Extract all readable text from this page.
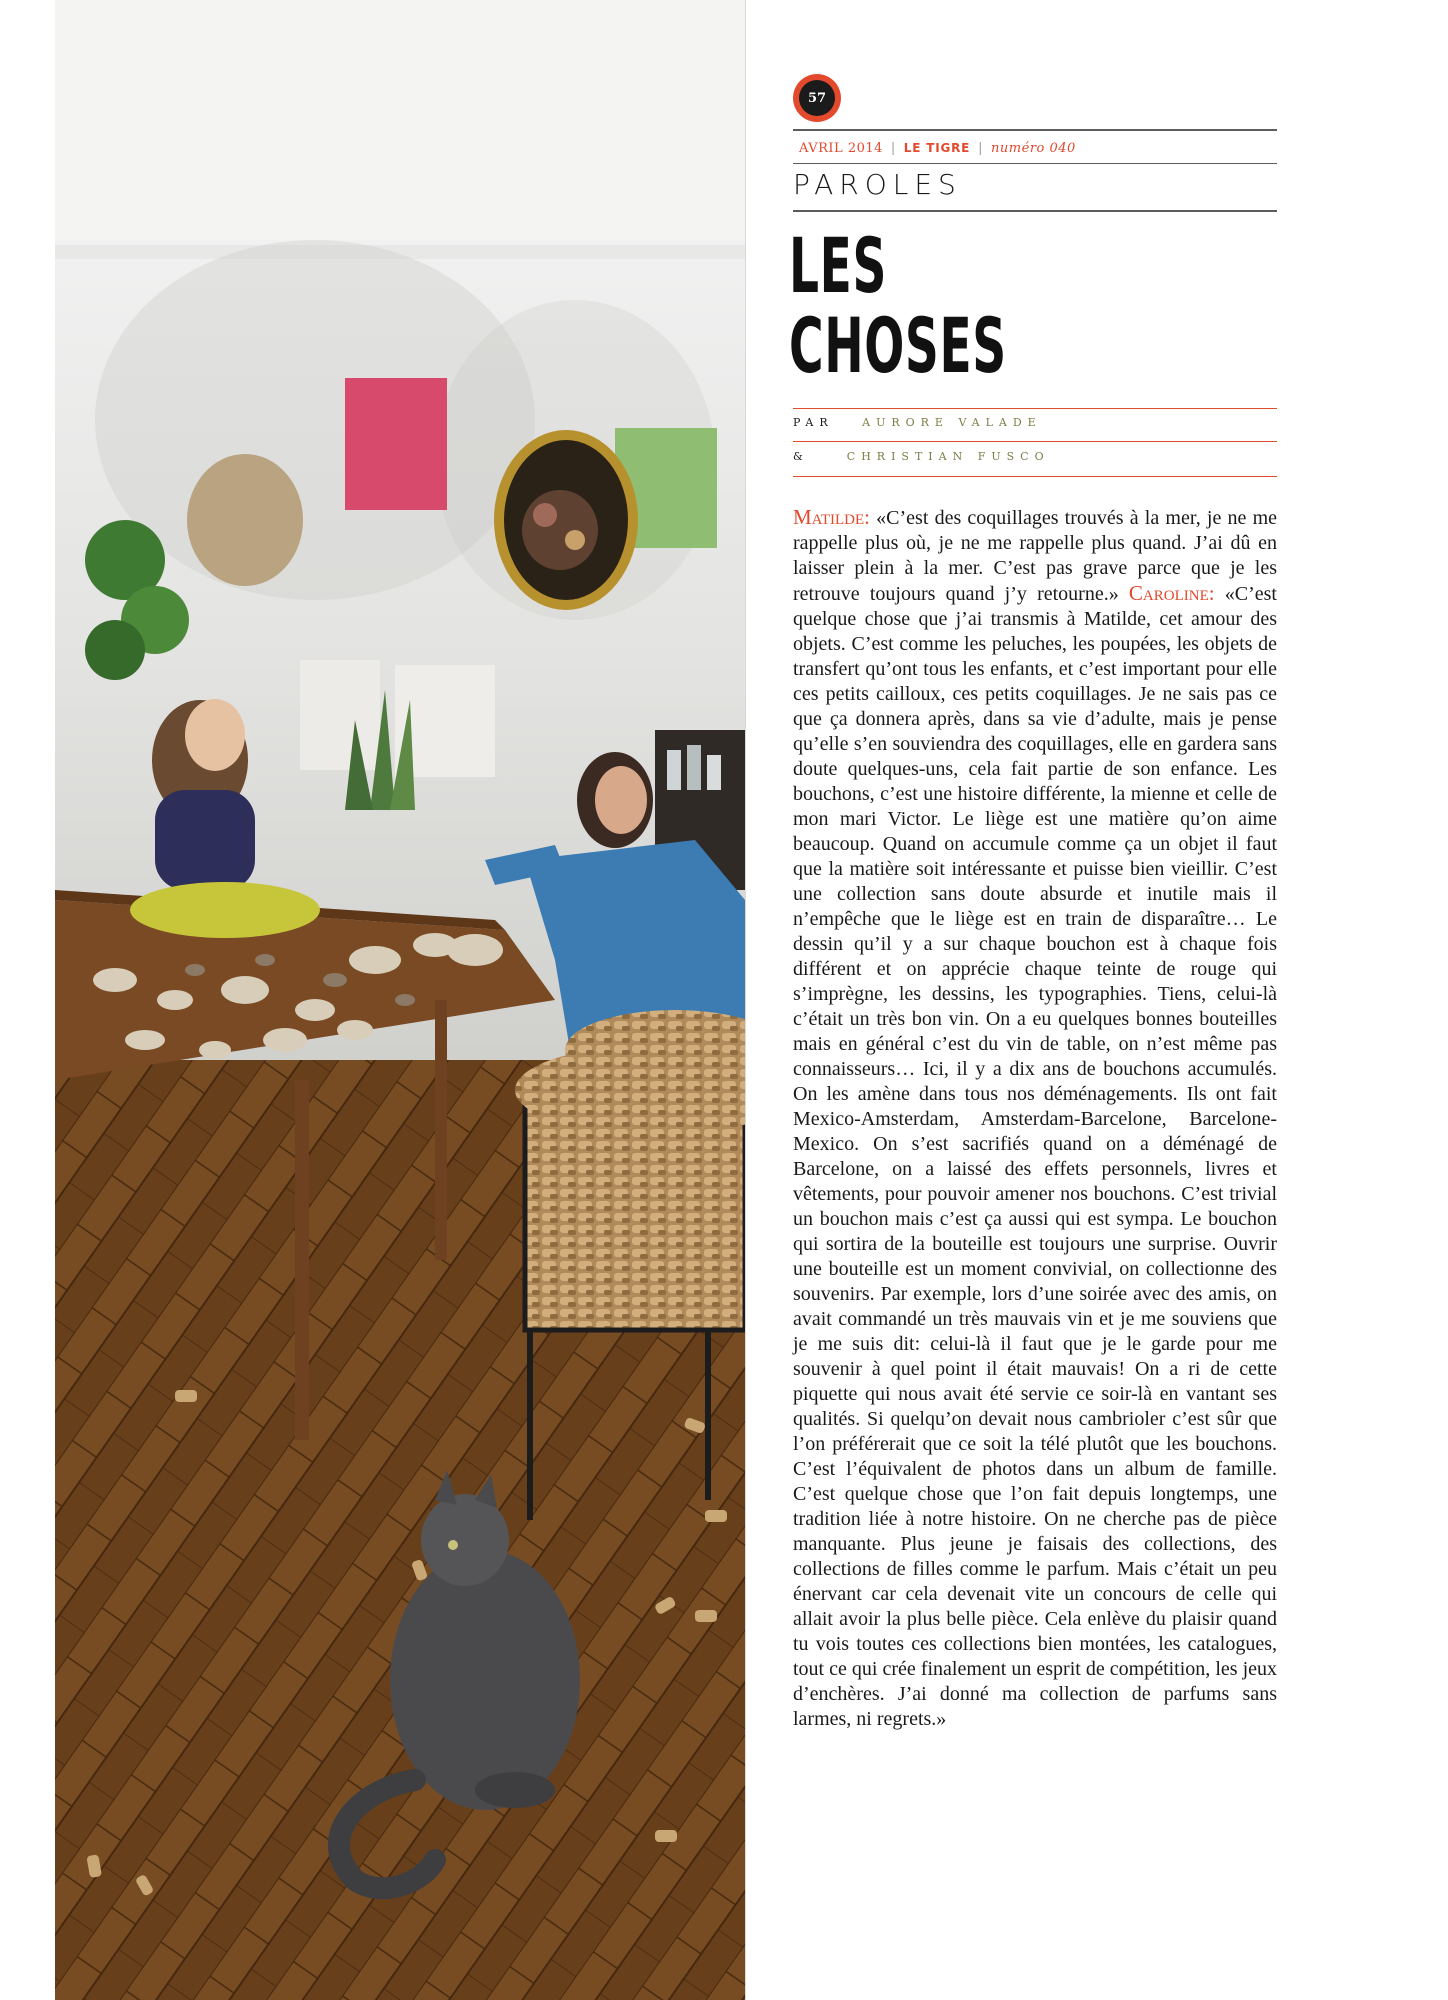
57
AVRIL 2014 | LE TIGRE | numéro 040
PAROLES
LES
CHOSES
PAR	AURORE VALADE
&	CHRISTIAN FUSCO

Matilde: «C’est des coquillages trouvés à la mer, je ne me rappelle plus où, je ne me rappelle plus quand. J’ai dû en laisser plein à la mer. C’est pas grave parce que je les retrouve toujours quand j’y retourne.» Caroline: «C’est quelque chose que j’ai transmis à Matilde, cet amour des objets. C’est comme les peluches, les poupées, les objets de transfert qu’ont tous les enfants, et c’est important pour elle ces petits cailloux, ces petits coquillages. Je ne sais pas ce que ça donnera après, dans sa vie d’adulte, mais je pense qu’elle s’en souviendra des coquillages, elle en gardera sans doute quelques-uns, cela fait partie de son enfance. Les bouchons, c’est une histoire différente, la mienne et celle de mon mari Victor. Le liège est une matière qu’on aime beaucoup. Quand on accumule comme ça un objet il faut que la matière soit intéressante et puisse bien vieillir. C’est une collection sans doute absurde et inutile mais il n’empêche que le liège est en train de disparaître… Le dessin qu’il y a sur chaque bouchon est à chaque fois différent et on apprécie chaque teinte de rouge qui s’imprègne, les dessins, les typographies. Tiens, celui-là c’était un très bon vin. On a eu quelques bonnes bouteilles mais en général c’est du vin de table, on n’est même pas connaisseurs… Ici, il y a dix ans de bouchons accumulés. On les amène dans tous nos déménagements. Ils ont fait Mexico-Amsterdam, Amsterdam-Barcelone, Barcelone-Mexico. On s’est sacrifiés quand on a déménagé de Barcelone, on a laissé des effets personnels, livres et vêtements, pour pouvoir amener nos bouchons. C’est trivial un bouchon mais c’est ça aussi qui est sympa. Le bouchon qui sortira de la bouteille est toujours une surprise. Ouvrir une bouteille est un moment convivial, on collectionne des souvenirs. Par exemple, lors d’une soirée avec des amis, on avait commandé un très mauvais vin et je me souviens que je me suis dit: celui-là il faut que je le garde pour me souvenir à quel point il était mauvais! On a ri de cette piquette qui nous avait été servie ce soir-là en vantant ses qualités. Si quelqu’on devait nous cambrioler c’est sûr que l’on préférerait que ce soit la télé plutôt que les bouchons. C’est l’équivalent de photos dans un album de famille. C’est quelque chose que l’on fait depuis longtemps, une tradition liée à notre histoire. On ne cherche pas de pièce manquante. Plus jeune je faisais des collections, des collections de filles comme le parfum. Mais c’était un peu énervant car cela devenait vite un concours de celle qui allait avoir la plus belle pièce. Cela enlève du plaisir quand tu vois toutes ces collections bien montées, les catalogues, tout ce qui crée finalement un esprit de compétition, les jeux d’enchères. J’ai donné ma collection de parfums sans larmes, ni regrets.»
